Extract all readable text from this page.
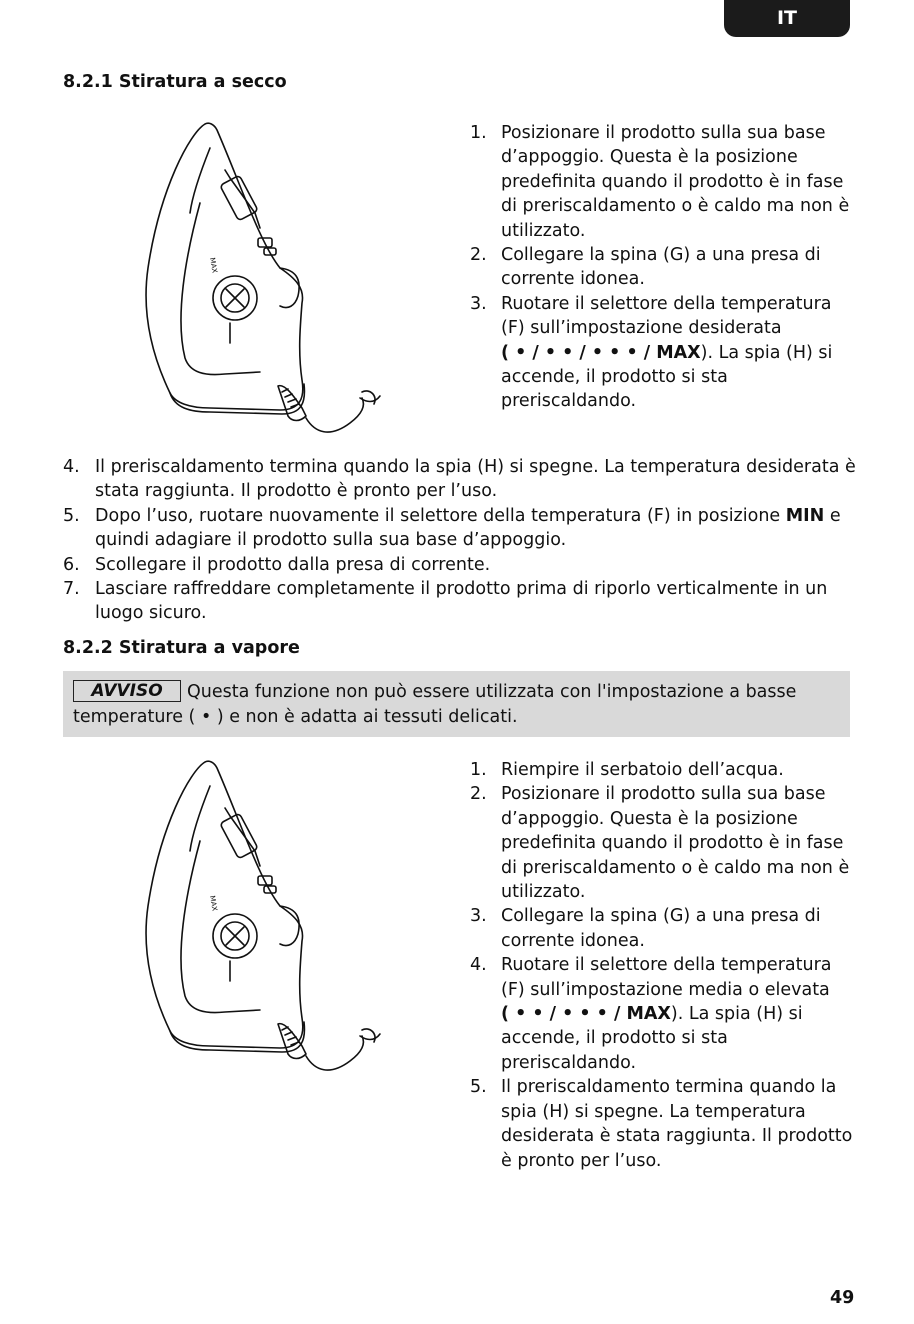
IT
8.2.1 Stiratura a secco
MAX
1. Posizionare il prodotto sulla sua base d’appoggio. Questa è la posizione predefinita quando il prodotto è in fase di preriscaldamento o è caldo ma non è utilizzato.
2. Collegare la spina (G) a una presa di corrente idonea.
3. Ruotare il selettore della temperatura (F) sull’impostazione desiderata
( • / • • / • • • / MAX). La spia (H) si accende, il prodotto si sta preriscaldando.
4. Il preriscaldamento termina quando la spia (H) si spegne. La temperatura desiderata è stata raggiunta. Il prodotto è pronto per l’uso.
5. Dopo l’uso, ruotare nuovamente il selettore della temperatura (F) in posizione MIN e quindi adagiare il prodotto sulla sua base d’appoggio.
6. Scollegare il prodotto dalla presa di corrente.
7. Lasciare raffreddare completamente il prodotto prima di riporlo verticalmente in un luogo sicuro.
8.2.2 Stiratura a vapore
AVVISO Questa funzione non può essere utilizzata con l'impostazione a basse temperature ( • ) e non è adatta ai tessuti delicati.
MAX
1. Riempire il serbatoio dell’acqua.
2. Posizionare il prodotto sulla sua base d’appoggio. Questa è la posizione predefinita quando il prodotto è in fase di preriscaldamento o è caldo ma non è utilizzato.
3. Collegare la spina (G) a una presa di corrente idonea.
4. Ruotare il selettore della temperatura (F) sull’impostazione media o elevata
( • • / • • • / MAX). La spia (H) si accende, il prodotto si sta preriscaldando.
5. Il preriscaldamento termina quando la spia (H) si spegne. La temperatura desiderata è stata raggiunta. Il prodotto è pronto per l’uso.
49
